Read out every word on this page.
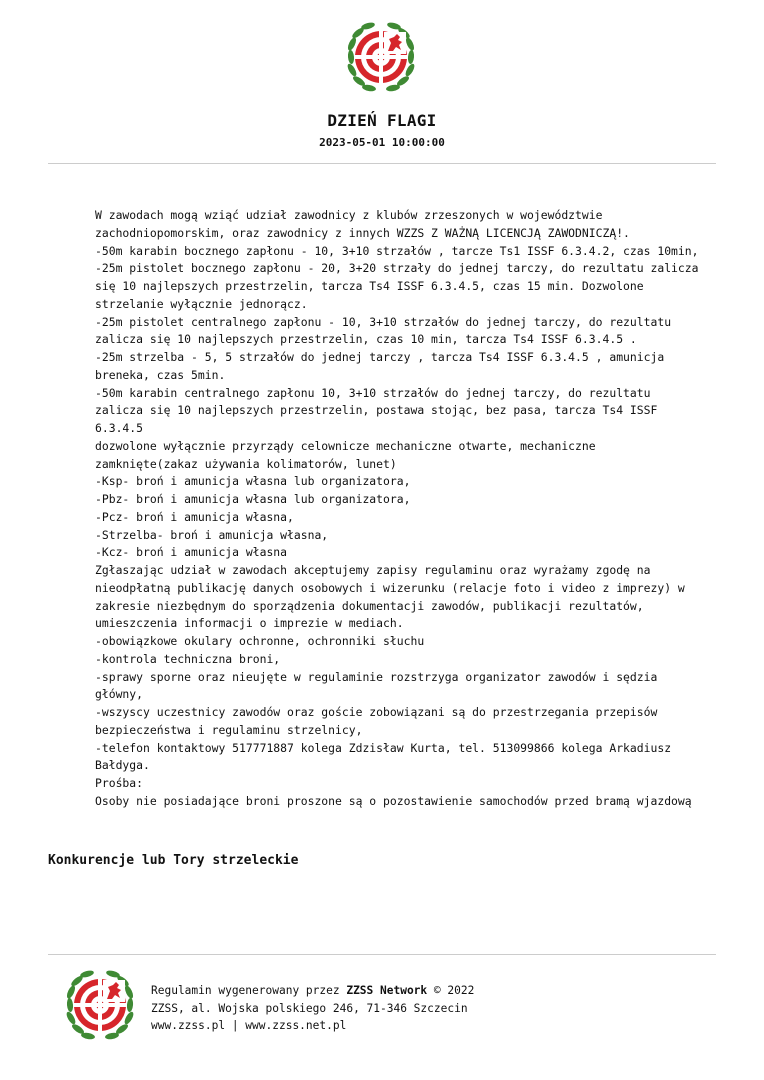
DZIEŃ FLAGI
2023-05-01 10:00:00

W zawodach mogą wziąć udział zawodnicy z klubów zrzeszonych w województwie

zachodniopomorskim, oraz zawodnicy z innych WZZS Z WAŻNĄ LICENCJĄ ZAWODNICZĄ!.

-50m karabin bocznego zapłonu - 10, 3+10 strzałów , tarcze Ts1 ISSF 6.3.4.2, czas 10min,

-25m pistolet bocznego zapłonu - 20, 3+20 strzały do jednej tarczy, do rezultatu zalicza

się 10 najlepszych przestrzelin, tarcza Ts4 ISSF 6.3.4.5, czas 15 min. Dozwolone

strzelanie wyłącznie jednorącz.

-25m pistolet centralnego zapłonu - 10, 3+10 strzałów do jednej tarczy, do rezultatu

zalicza się 10 najlepszych przestrzelin, czas 10 min, tarcza Ts4 ISSF 6.3.4.5 .

-25m strzelba - 5, 5 strzałów do jednej tarczy , tarcza Ts4 ISSF 6.3.4.5 , amunicja

breneka, czas 5min.

-50m karabin centralnego zapłonu 10, 3+10 strzałów do jednej tarczy, do rezultatu

zalicza się 10 najlepszych przestrzelin, postawa stojąc, bez pasa, tarcza Ts4 ISSF

6.3.4.5

dozwolone wyłącznie przyrządy celownicze mechaniczne otwarte, mechaniczne

zamknięte(zakaz używania kolimatorów, lunet)

-Ksp- broń i amunicja własna lub organizatora,

-Pbz- broń i amunicja własna lub organizatora,

-Pcz- broń i amunicja własna,

-Strzelba- broń i amunicja własna,

-Kcz- broń i amunicja własna

Zgłaszając udział w zawodach akceptujemy zapisy regulaminu oraz wyrażamy zgodę na

nieodpłatną publikację danych osobowych i wizerunku (relacje foto i video z imprezy) w

zakresie niezbędnym do sporządzenia dokumentacji zawodów, publikacji rezultatów,

umieszczenia informacji o imprezie w mediach.

-obowiązkowe okulary ochronne, ochronniki słuchu

-kontrola techniczna broni,

-sprawy sporne oraz nieujęte w regulaminie rozstrzyga organizator zawodów i sędzia

główny,

-wszyscy uczestnicy zawodów oraz goście zobowiązani są do przestrzegania przepisów

bezpieczeństwa i regulaminu strzelnicy,

-telefon kontaktowy 517771887 kolega Zdzisław Kurta, tel. 513099866 kolega Arkadiusz

Bałdyga.

Prośba:

Osoby nie posiadające broni proszone są o pozostawienie samochodów przed bramą wjazdową

Konkurencje lub Tory strzeleckie
Regulamin wygenerowany przez ZZSS Network © 2022
ZZSS, al. Wojska polskiego 246, 71-346 Szczecin
www.zzss.pl | www.zzss.net.pl
